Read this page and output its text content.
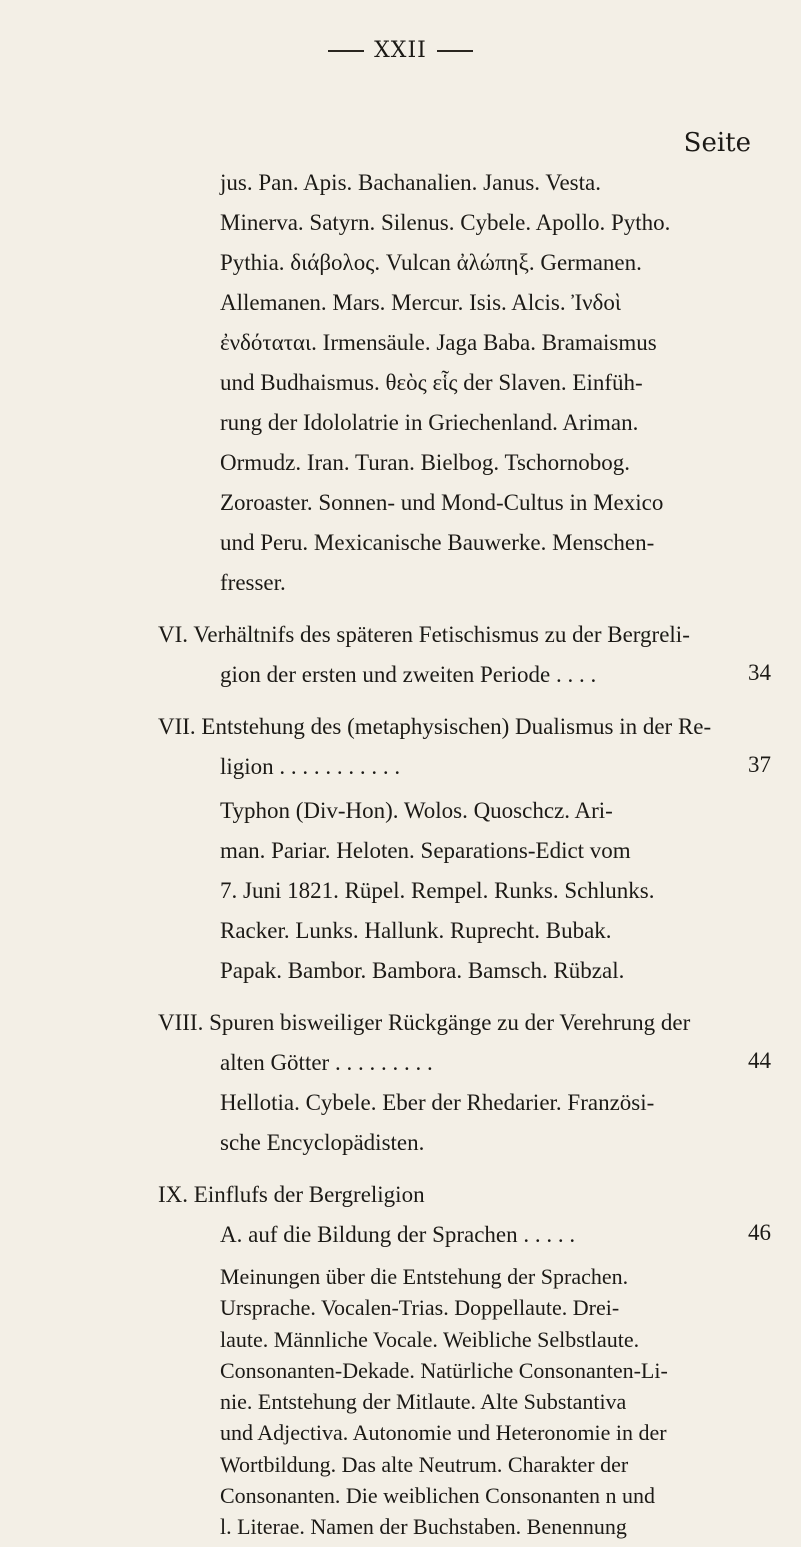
XXII
Seite
jus. Pan. Apis. Bachanalien. Janus. Vesta.
Minerva. Satyrn. Silenus. Cybele. Apollo. Pytho.
Pythia. διάβολος. Vulcan ἀλώπηξ. Germanen.
Allemanen. Mars. Mercur. Isis. Alcis. Ἰνδοὶ
ἐνδόταται. Irmensäule. Jaga Baba. Bramaismus
und Budhaismus. θεὸς εἷς der Slaven. Einfüh-
rung der Idololatrie in Griechenland. Ariman.
Ormudz. Iran. Turan. Bielbog. Tschornobog.
Zoroaster. Sonnen- und Mond-Cultus in Mexico
und Peru. Mexicanische Bauwerke. Menschen-
fresser.
VI. Verhältnifs des späteren Fetischismus zu der Bergreli-
gion der ersten und zweiten Periode . . . .	34
VII. Entstehung des (metaphysischen) Dualismus in der Re-
ligion . . . . . . . . . . .	37
Typhon (Div-Hon). Wolos. Quoschcz. Ari-
man. Pariar. Heloten. Separations-Edict vom
7. Juni 1821. Rüpel. Rempel. Runks. Schlunks.
Racker. Lunks. Hallunk. Ruprecht. Bubak.
Papak. Bambor. Bambora. Bamsch. Rübzal.
VIII. Spuren bisweiliger Rückgänge zu der Verehrung der
alten Götter . . . . . . . . .	44
Hellotia. Cybele. Eber der Rhedarier. Französi-
sche Encyclopädisten.
IX. Einflufs der Bergreligion
A. auf die Bildung der Sprachen . . . . .	46
Meinungen über die Entstehung der Sprachen.
Ursprache. Vocalen-Trias. Doppellaute. Drei-
laute. Männliche Vocale. Weibliche Selbstlaute.
Consonanten-Dekade. Natürliche Consonanten-Li-
nie. Entstehung der Mitlaute. Alte Substantiva
und Adjectiva. Autonomie und Heteronomie in der
Wortbildung. Das alte Neutrum. Charakter der
Consonanten. Die weiblichen Consonanten n und
l. Literae. Namen der Buchstaben. Benennung
